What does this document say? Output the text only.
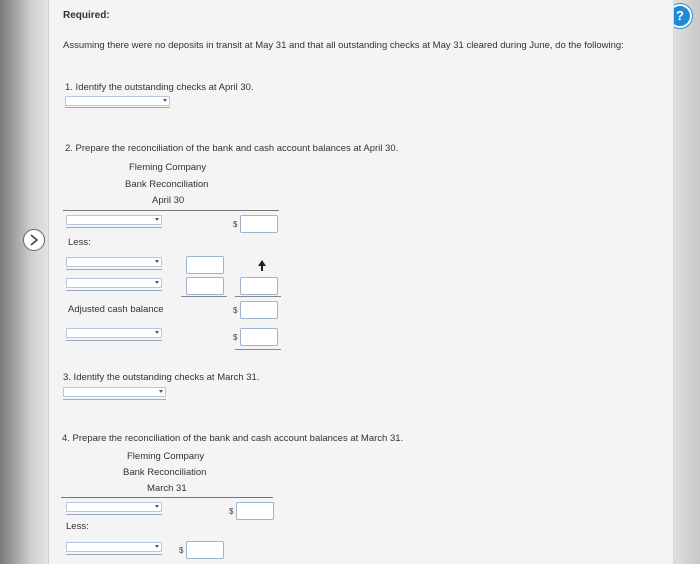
?
Required:
Assuming there were no deposits in transit at May 31 and that all outstanding checks at May 31 cleared during June, do the following:
1. Identify the outstanding checks at April 30.
2. Prepare the reconciliation of the bank and cash account balances at April 30.
Fleming Company
Bank Reconciliation
April 30
$
Less:
Adjusted cash balance	$
$
3. Identify the outstanding checks at March 31.
4. Prepare the reconciliation of the bank and cash account balances at March 31.
Fleming Company
Bank Reconciliation
March 31
$
Less:
$
